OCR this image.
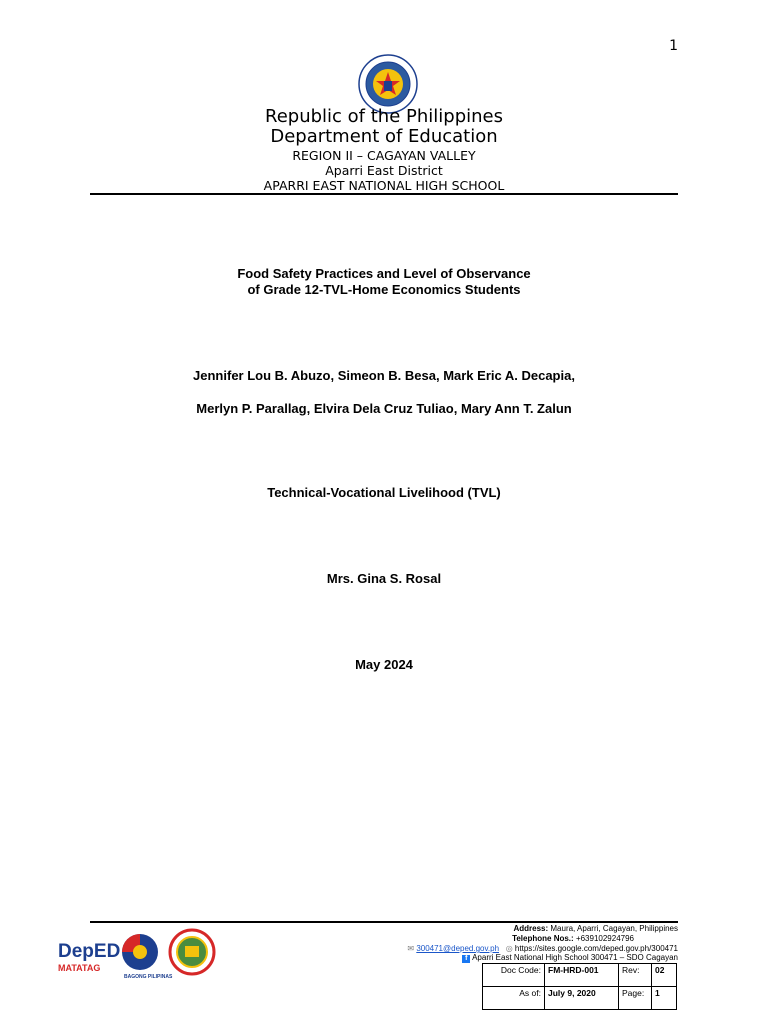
1
Republic of the Philippines
Department of Education
REGION II – CAGAYAN VALLEY
Aparri East District
APARRI EAST NATIONAL HIGH SCHOOL
Food Safety Practices and Level of Observance
of Grade 12-TVL-Home Economics Students
Jennifer Lou B. Abuzo, Simeon B. Besa, Mark Eric A. Decapia,
Merlyn P. Parallag, Elvira Dela Cruz Tuliao, Mary Ann T. Zalun
Technical-Vocational Livelihood (TVL)
Mrs. Gina S. Rosal
May 2024
DepED
MATATAG
BAGONG PILIPINAS
Address: Maura, Aparri, Cagayan, Philippines
Telephone Nos.: +639102924796
✉ 300471@deped.gov.ph ◎ https://sites.google.com/deped.gov.ph/300471
f Aparri East National High School 300471 – SDO Cagayan
Doc Code:	FM-HRD-001	Rev:	02
As of:	July 9, 2020	Page:	1
